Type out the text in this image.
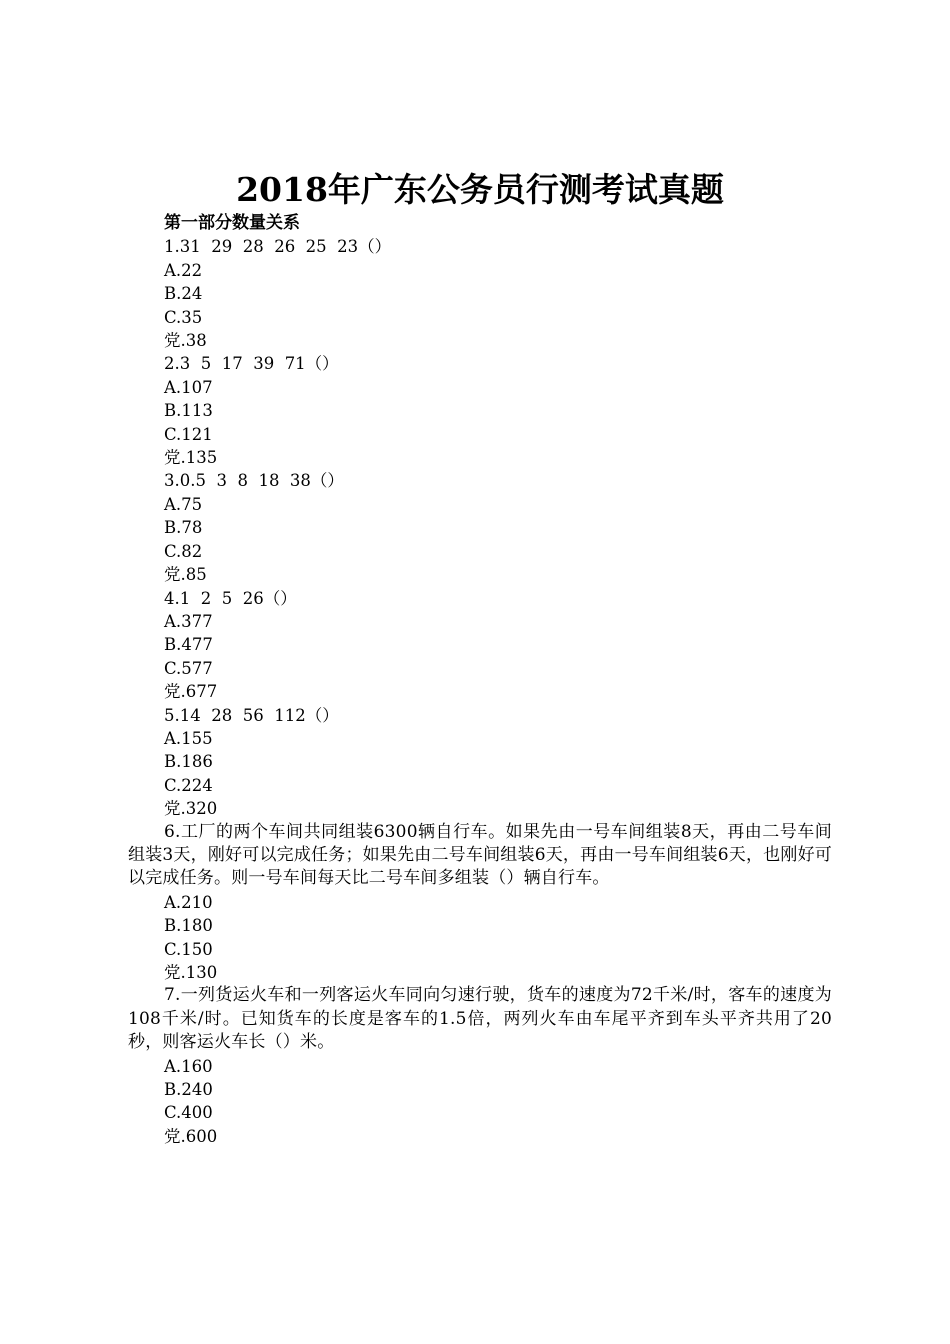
2018年广东公务员行测考试真题
第一部分数量关系
1.31  29  28  26  25  23（）
A.22
B.24
C.35
党.38
2.3  5  17  39  71（）
A.107
B.113
C.121
党.135
3.0.5  3  8  18  38（）
A.75
B.78
C.82
党.85
4.1  2  5  26（）
A.377
B.477
C.577
党.677
5.14  28  56  112（）
A.155
B.186
C.224
党.320
6.工厂的两个车间共同组装6300辆自行车。如果先由一号车间组装8天，再由二号车间组装3天，刚好可以完成任务；如果先由二号车间组装6天，再由一号车间组装6天，也刚好可以完成任务。则一号车间每天比二号车间多组装（）辆自行车。
A.210
B.180
C.150
党.130
7.一列货运火车和一列客运火车同向匀速行驶，货车的速度为72千米/时，客车的速度为108千米/时。已知货车的长度是客车的1.5倍，两列火车由车尾平齐到车头平齐共用了20秒，则客运火车长（）米。
A.160
B.240
C.400
党.600
